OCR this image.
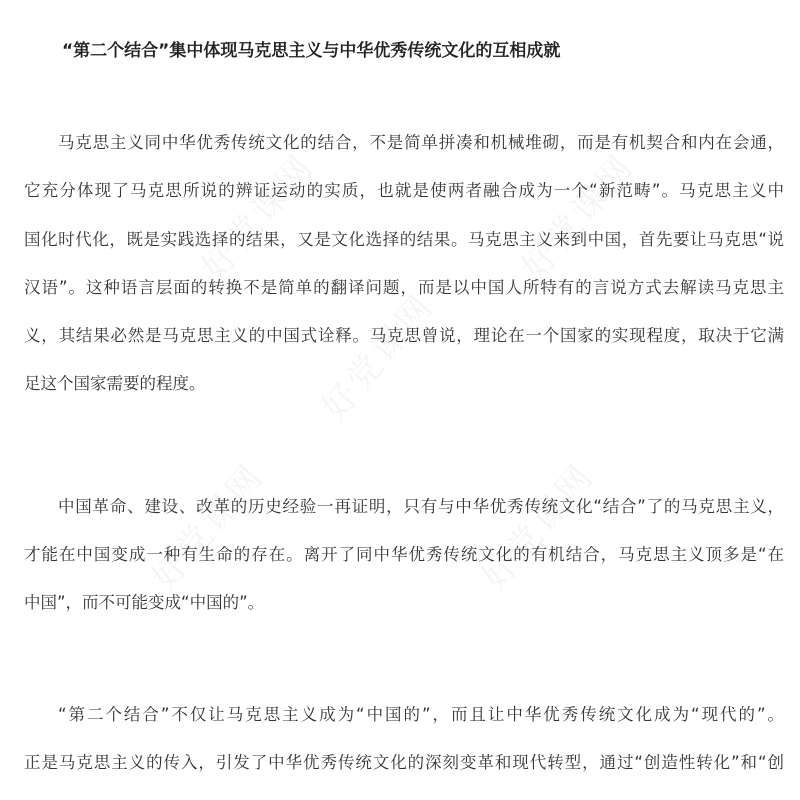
“第二个结合”集中体现马克思主义与中华优秀传统文化的互相成就
马克思主义同中华优秀传统文化的结合，不是简单拼凑和机械堆砌，而是有机契合和内在会通，
它充分体现了马克思所说的辨证运动的实质，也就是使两者融合成为一个“新范畴”。马克思主义中
国化时代化，既是实践选择的结果，又是文化选择的结果。马克思主义来到中国，首先要让马克思“说
汉语”。这种语言层面的转换不是简单的翻译问题，而是以中国人所特有的言说方式去解读马克思主
义，其结果必然是马克思主义的中国式诠释。马克思曾说，理论在一个国家的实现程度，取决于它满
足这个国家需要的程度。
中国革命、建设、改革的历史经验一再证明，只有与中华优秀传统文化“结合”了的马克思主义，
才能在中国变成一种有生命的存在。离开了同中华优秀传统文化的有机结合，马克思主义顶多是“在
中国”，而不可能变成“中国的”。
“第二个结合”不仅让马克思主义成为“中国的”，而且让中华优秀传统文化成为“现代的”。
正是马克思主义的传入，引发了中华优秀传统文化的深刻变革和现代转型，通过“创造性转化”和“创
